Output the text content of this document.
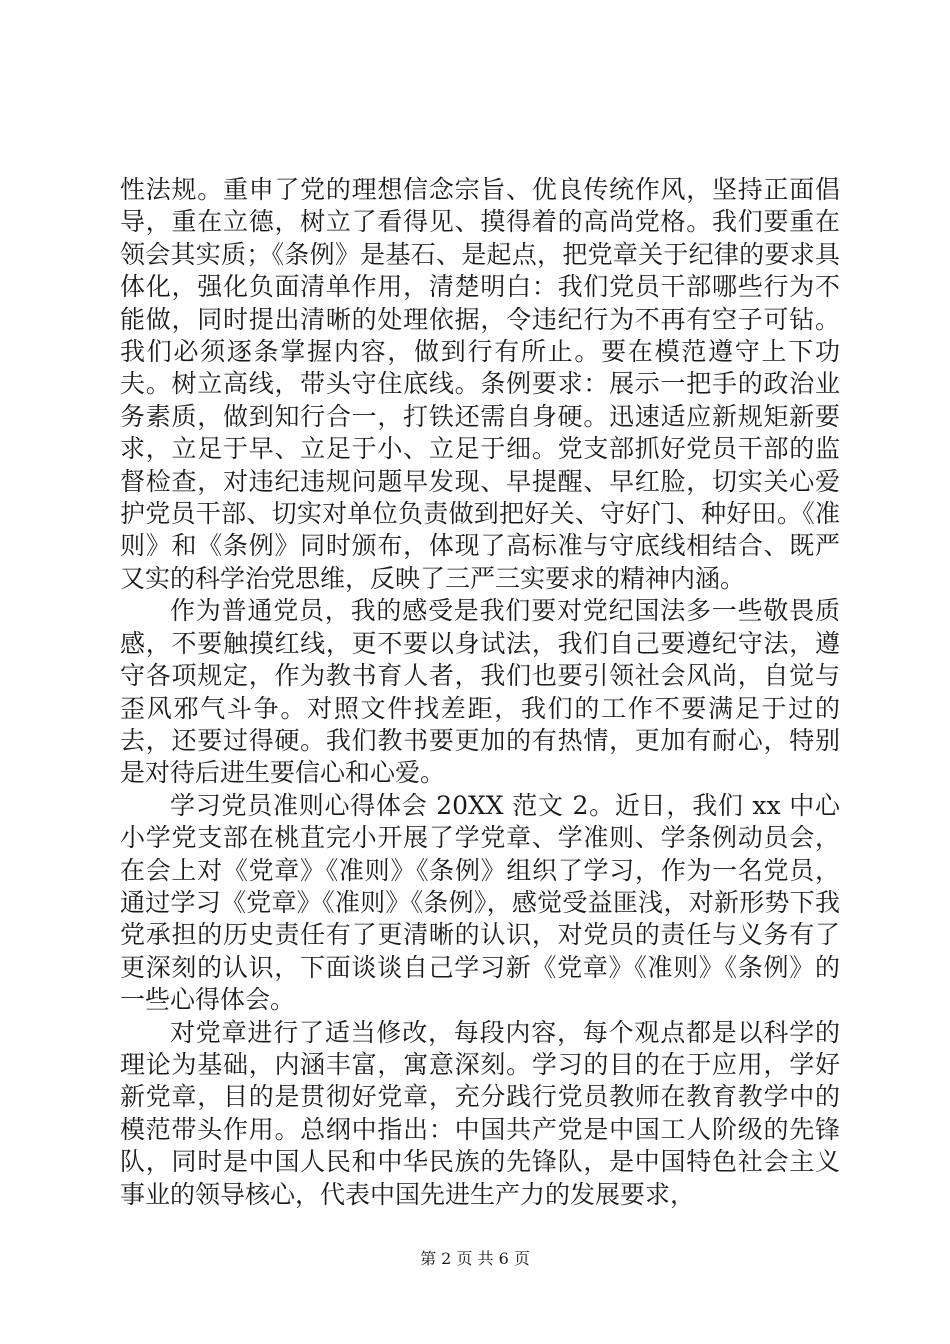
性法规。重申了党的理想信念宗旨、优良传统作风，坚持正面倡导，重在立德，树立了看得见、摸得着的高尚党格。我们要重在领会其实质；《条例》是基石、是起点，把党章关于纪律的要求具体化，强化负面清单作用，清楚明白：我们党员干部哪些行为不能做，同时提出清晰的处理依据，令违纪行为不再有空子可钻。我们必须逐条掌握内容，做到行有所止。要在模范遵守上下功夫。树立高线，带头守住底线。条例要求：展示一把手的政治业务素质，做到知行合一，打铁还需自身硬。迅速适应新规矩新要求，立足于早、立足于小、立足于细。党支部抓好党员干部的监督检查，对违纪违规问题早发现、早提醒、早红脸，切实关心爱护党员干部、切实对单位负责做到把好关、守好门、种好田。《准则》和《条例》同时颁布，体现了高标准与守底线相结合、既严又实的科学治党思维，反映了三严三实要求的精神内涵。

作为普通党员，我的感受是我们要对党纪国法多一些敬畏质感，不要触摸红线，更不要以身试法，我们自己要遵纪守法，遵守各项规定，作为教书育人者，我们也要引领社会风尚，自觉与歪风邪气斗争。对照文件找差距，我们的工作不要满足于过的去，还要过得硬。我们教书要更加的有热情，更加有耐心，特别是对待后进生要信心和心爱。

学习党员准则心得体会 20XX 范文 2。近日，我们 xx 中心小学党支部在桃苴完小开展了学党章、学准则、学条例动员会，在会上对《党章》《准则》《条例》组织了学习，作为一名党员，通过学习《党章》《准则》《条例》，感觉受益匪浅，对新形势下我党承担的历史责任有了更清晰的认识，对党员的责任与义务有了更深刻的认识，下面谈谈自己学习新《党章》《准则》《条例》的一些心得体会。

对党章进行了适当修改，每段内容，每个观点都是以科学的理论为基础，内涵丰富，寓意深刻。学习的目的在于应用，学好新党章，目的是贯彻好党章，充分践行党员教师在教育教学中的模范带头作用。总纲中指出：中国共产党是中国工人阶级的先锋队，同时是中国人民和中华民族的先锋队，是中国特色社会主义事业的领导核心，代表中国先进生产力的发展要求，

第 2 页 共 6 页
